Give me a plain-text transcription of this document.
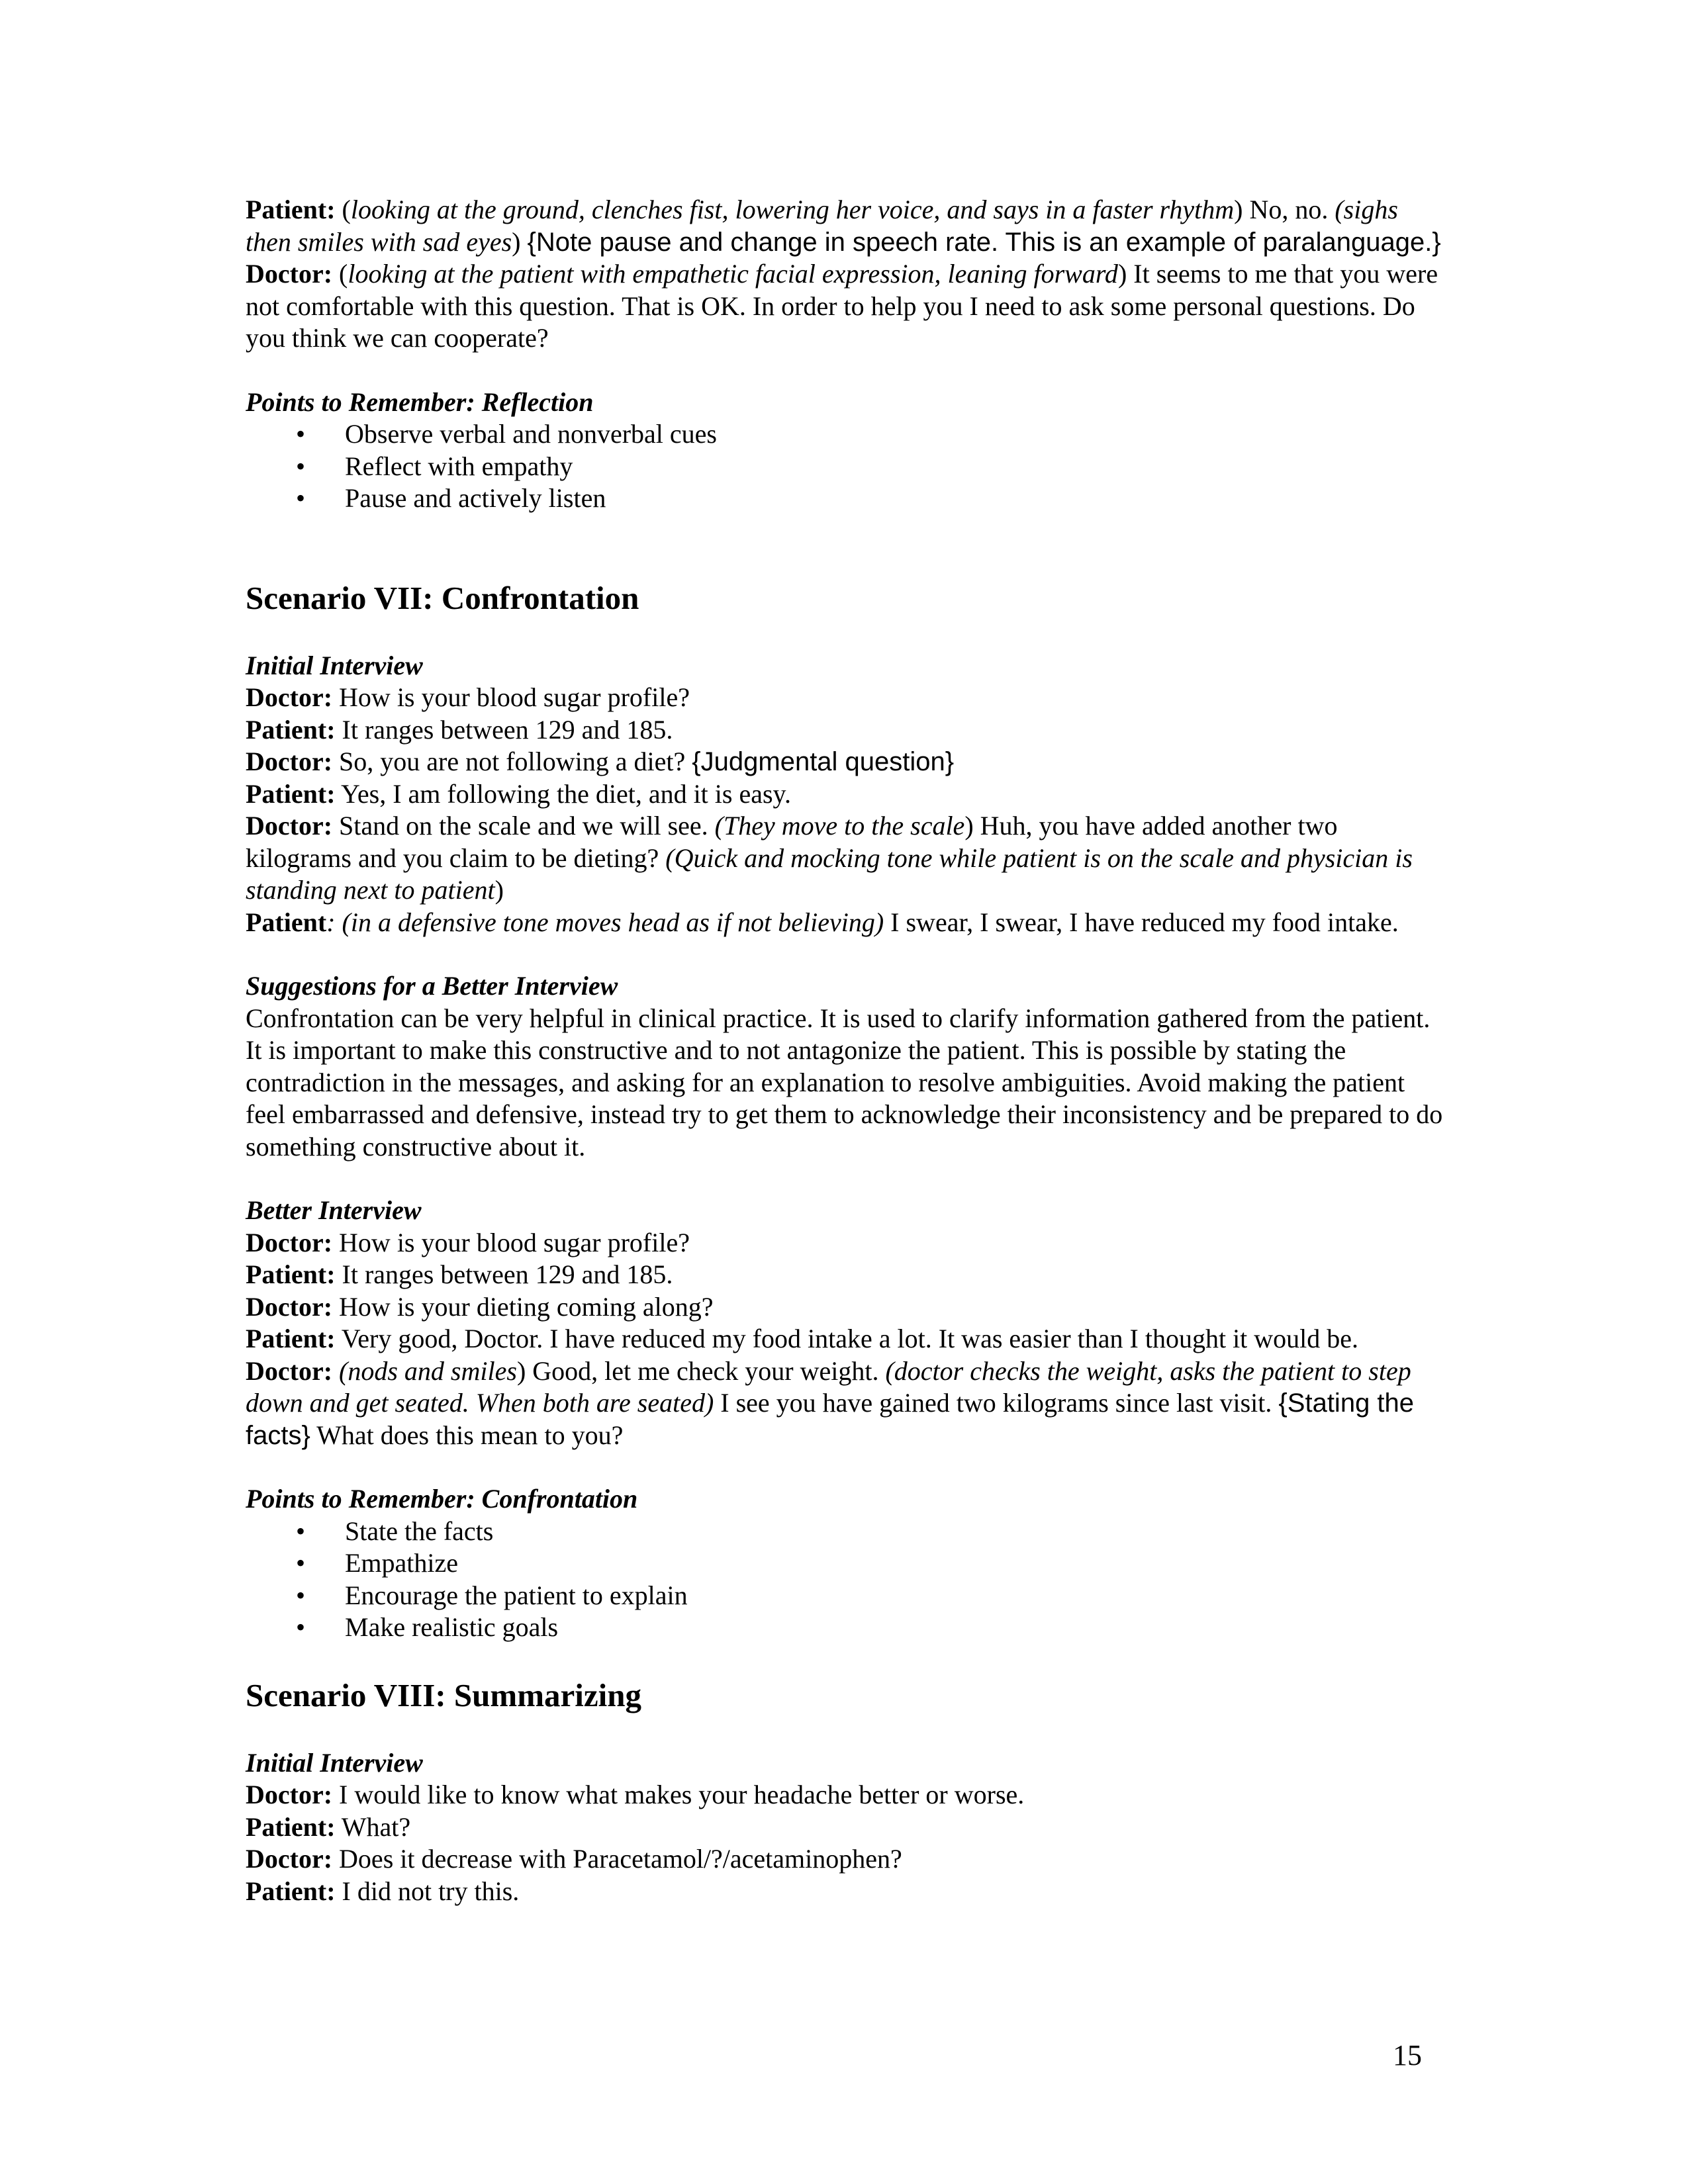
Patient: (looking at the ground, clenches fist, lowering her voice, and says in a faster rhythm) No, no. (sighs then smiles with sad eyes) {Note pause and change in speech rate. This is an example of paralanguage.}

Doctor: (looking at the patient with empathetic facial expression, leaning forward) It seems to me that you were not comfortable with this question. That is OK. In order to help you I need to ask some personal questions. Do you think we can cooperate?

Points to Remember: Reflection

• Observe verbal and nonverbal cues
• Reflect with empathy
• Pause and actively listen
Scenario VII: Confrontation

Initial Interview

Doctor: How is your blood sugar profile?

Patient: It ranges between 129 and 185.

Doctor: So, you are not following a diet? {Judgmental question}

Patient: Yes, I am following the diet, and it is easy.

Doctor: Stand on the scale and we will see. (They move to the scale) Huh, you have added another two kilograms and you claim to be dieting? (Quick and mocking tone while patient is on the scale and physician is standing next to patient)

Patient: (in a defensive tone moves head as if not believing) I swear, I swear, I have reduced my food intake.

Suggestions for a Better Interview

Confrontation can be very helpful in clinical practice. It is used to clarify information gathered from the patient. It is important to make this constructive and to not antagonize the patient. This is possible by stating the contradiction in the messages, and asking for an explanation to resolve ambiguities. Avoid making the patient feel embarrassed and defensive, instead try to get them to acknowledge their inconsistency and be prepared to do something constructive about it.

Better Interview

Doctor: How is your blood sugar profile?

Patient: It ranges between 129 and 185.

Doctor: How is your dieting coming along?

Patient: Very good, Doctor. I have reduced my food intake a lot. It was easier than I thought it would be.

Doctor: (nods and smiles) Good, let me check your weight. (doctor checks the weight, asks the patient to step down and get seated. When both are seated) I see you have gained two kilograms since last visit. {Stating the facts} What does this mean to you?

Points to Remember: Confrontation

• State the facts
• Empathize
• Encourage the patient to explain
• Make realistic goals
Scenario VIII: Summarizing

Initial Interview

Doctor: I would like to know what makes your headache better or worse.

Patient: What?

Doctor: Does it decrease with Paracetamol/?/acetaminophen?

Patient: I did not try this.

15
